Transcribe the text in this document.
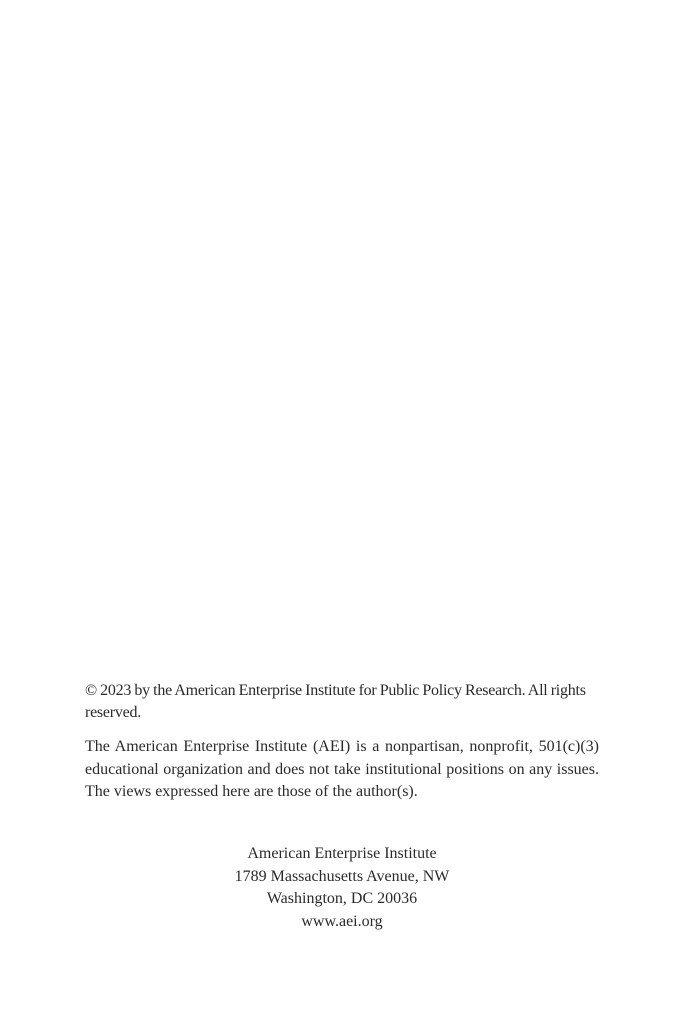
© 2023 by the American Enterprise Institute for Public Policy Research. All rights reserved.

The American Enterprise Institute (AEI) is a nonpartisan, nonprofit, 501(c)(3) educational organization and does not take institutional positions on any issues. The views expressed here are those of the author(s).

American Enterprise Institute
1789 Massachusetts Avenue, NW
Washington, DC 20036
www.aei.org
